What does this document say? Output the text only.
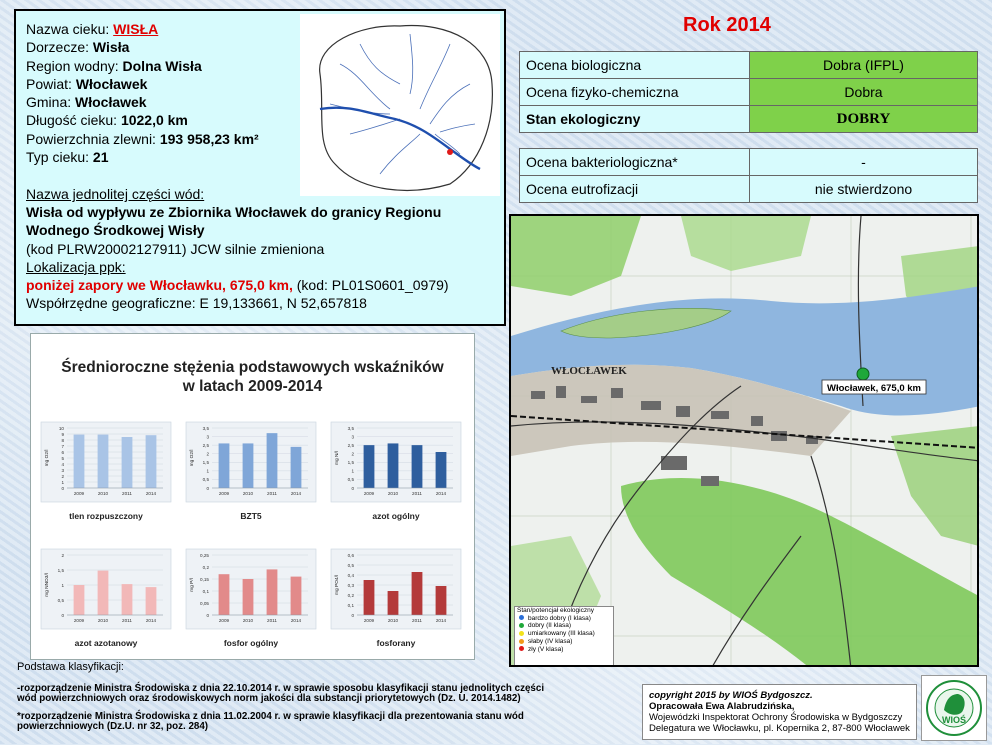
Nazwa cieku: WISŁA
Dorzecze: Wisła
Region wodny: Dolna Wisła
Powiat: Włocławek
Gmina: Włocławek
Długość cieku: 1022,0 km
Powierzchnia zlewni: 193 958,23 km²
Typ cieku: 21
Nazwa jednolitej części wód:
Wisła od wypływu ze Zbiornika Włocławek do granicy Regionu Wodnego Środkowej Wisły
(kod PLRW20002127911) JCW silnie zmieniona
Lokalizacja ppk:
poniżej zapory we Włocławku, 675,0 km, (kod: PL01S0601_0979)
Współrzędne geograficzne: E 19,133661, N 52,657818
Rok 2014
Ocena biologiczna	Dobra (IFPL)
Ocena fizyko-chemiczna	Dobra
Stan ekologiczny	DOBRY
Ocena bakteriologiczna*	-
Ocena eutrofizacji	nie stwierdzono
WŁOCŁAWEK
Włocławek, 675,0 km
Stan/potencjał ekologiczny
bardzo dobry (I klasa)
dobry (II klasa)
umiarkowany (III klasa)
słaby (IV klasa)
zły (V klasa)
Średnioroczne stężenia podstawowych wskaźników
w latach 2009-2014
0
1
2
3
4
5
6
7
8
9
10
mg O2/l
2009	2010	2011	2014
tlen rozpuszczony
0
0,5
1
1,5
2
2,5
3
3,5
mg O2/l
2009	2010	2011	2014
BZT5
0
0,5
1
1,5
2
2,5
3
3,5
mg N/l
2009	2010	2011	2014
azot ogólny
0
0,5
1
1,5
2
mg NNO3/l
2009	2010	2011	2014
azot azotanowy
0
0,05
0,1
0,15
0,2
0,25
mg P/l
2009	2010	2011	2014
fosfor ogólny
0
0,1
0,2
0,3
0,4
0,5
0,6
mg PO4/l
2009	2010	2011	2014
fosforany
Podstawa klasyfikacji:
-rozporządzenie Ministra Środowiska z dnia 22.10.2014 r. w sprawie sposobu klasyfikacji stanu jednolitych części
wód powierzchniowych oraz środowiskowych norm jakości dla substancji priorytetowych (Dz. U. 2014.1482)
*rozporządzenie Ministra Środowiska z dnia 11.02.2004 r. w sprawie klasyfikacji dla prezentowania stanu wód
powierzchniowych (Dz.U. nr 32, poz. 284)
copyright 2015 by WIOŚ Bydgoszcz.
Opracowała Ewa Alabrudzińska,
Wojewódzki Inspektorat Ochrony Środowiska w Bydgoszczy
Delegatura we Włocławku, pl. Kopernika 2, 87-800 Włocławek
WIOŚ
